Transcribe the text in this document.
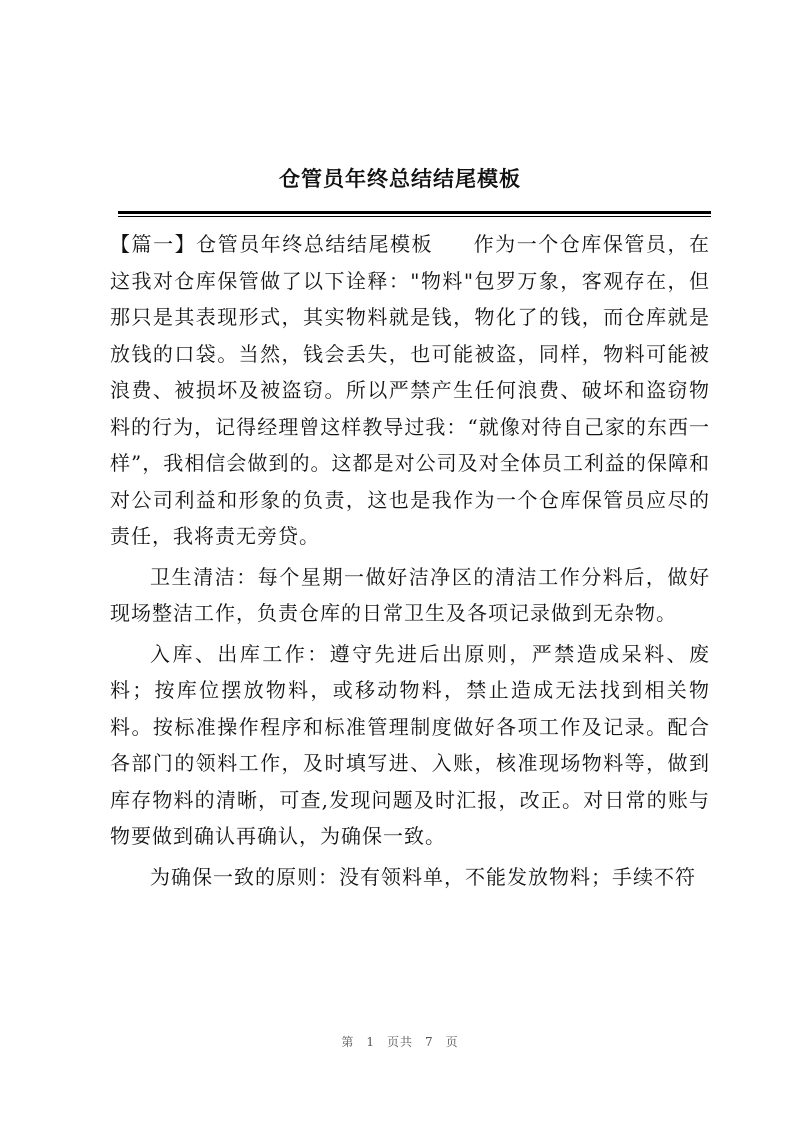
仓管员年终总结结尾模板

【篇一】仓管员年终总结结尾模板 作为一个仓库保管员，在这我对仓库保管做了以下诠释："物料"包罗万象，客观存在，但那只是其表现形式，其实物料就是钱，物化了的钱，而仓库就是放钱的口袋。当然，钱会丢失，也可能被盗，同样，物料可能被浪费、被损坏及被盗窃。所以严禁产生任何浪费、破坏和盗窃物料的行为，记得经理曾这样教导过我：“就像对待自己家的东西一样”，我相信会做到的。这都是对公司及对全体员工利益的保障和对公司利益和形象的负责，这也是我作为一个仓库保管员应尽的责任，我将责无旁贷。

卫生清洁：每个星期一做好洁净区的清洁工作分料后，做好现场整洁工作，负责仓库的日常卫生及各项记录做到无杂物。

入库、出库工作：遵守先进后出原则，严禁造成呆料、废料；按库位摆放物料，或移动物料，禁止造成无法找到相关物料。按标准操作程序和标准管理制度做好各项工作及记录。配合各部门的领料工作，及时填写进、入账，核准现场物料等，做到库存物料的清晰，可查,发现问题及时汇报，改正。对日常的账与物要做到确认再确认，为确保一致。

为确保一致的原则：没有领料单，不能发放物料；手续不符

第 1 页共 7 页
